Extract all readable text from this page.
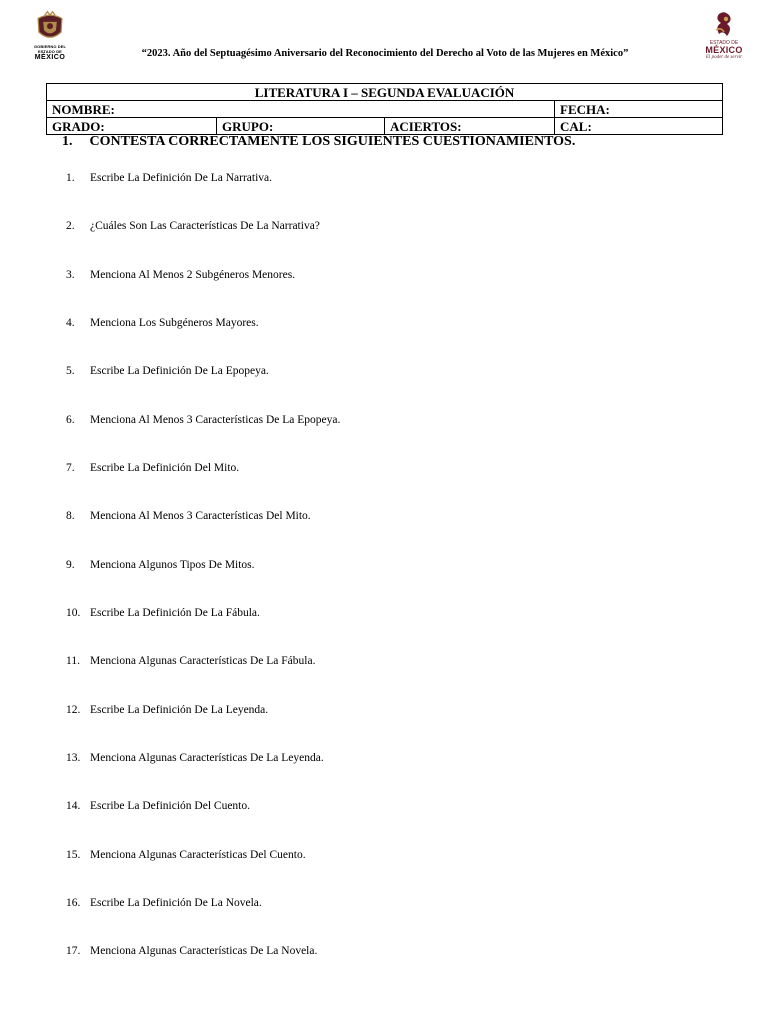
GOBIERNO DEL
ESTADO DE
MÉXICO	“2023. Año del Septuagésimo Aniversario del Reconocimiento del Derecho al Voto de las Mujeres en México”
ESTADO DE
MÉXICO
El poder de servir
LITERATURA I – SEGUNDA EVALUACIÓN			
NOMBRE:			FECHA:
GRADO:	GRUPO:	ACIERTOS:	CAL:
1. CONTESTA CORRECTAMENTE LOS SIGUIENTES CUESTIONAMIENTOS.
1.	Escribe La Definición De La Narrativa.
2.	¿Cuáles Son Las Características De La Narrativa?
3.	Menciona Al Menos 2 Subgéneros Menores.
4.	Menciona Los Subgéneros Mayores.
5.	Escribe La Definición De La Epopeya.
6.	Menciona Al Menos 3 Características De La Epopeya.
7.	Escribe La Definición Del Mito.
8.	Menciona Al Menos 3 Características Del Mito.
9.	Menciona Algunos Tipos De Mitos.
10. Escribe La Definición De La Fábula.
11. Menciona Algunas Características De La Fábula.
12. Escribe La Definición De La Leyenda.
13. Menciona Algunas Características De La Leyenda.
14. Escribe La Definición Del Cuento.
15. Menciona Algunas Características Del Cuento.
16. Escribe La Definición De La Novela.
17. Menciona Algunas Características De La Novela.
